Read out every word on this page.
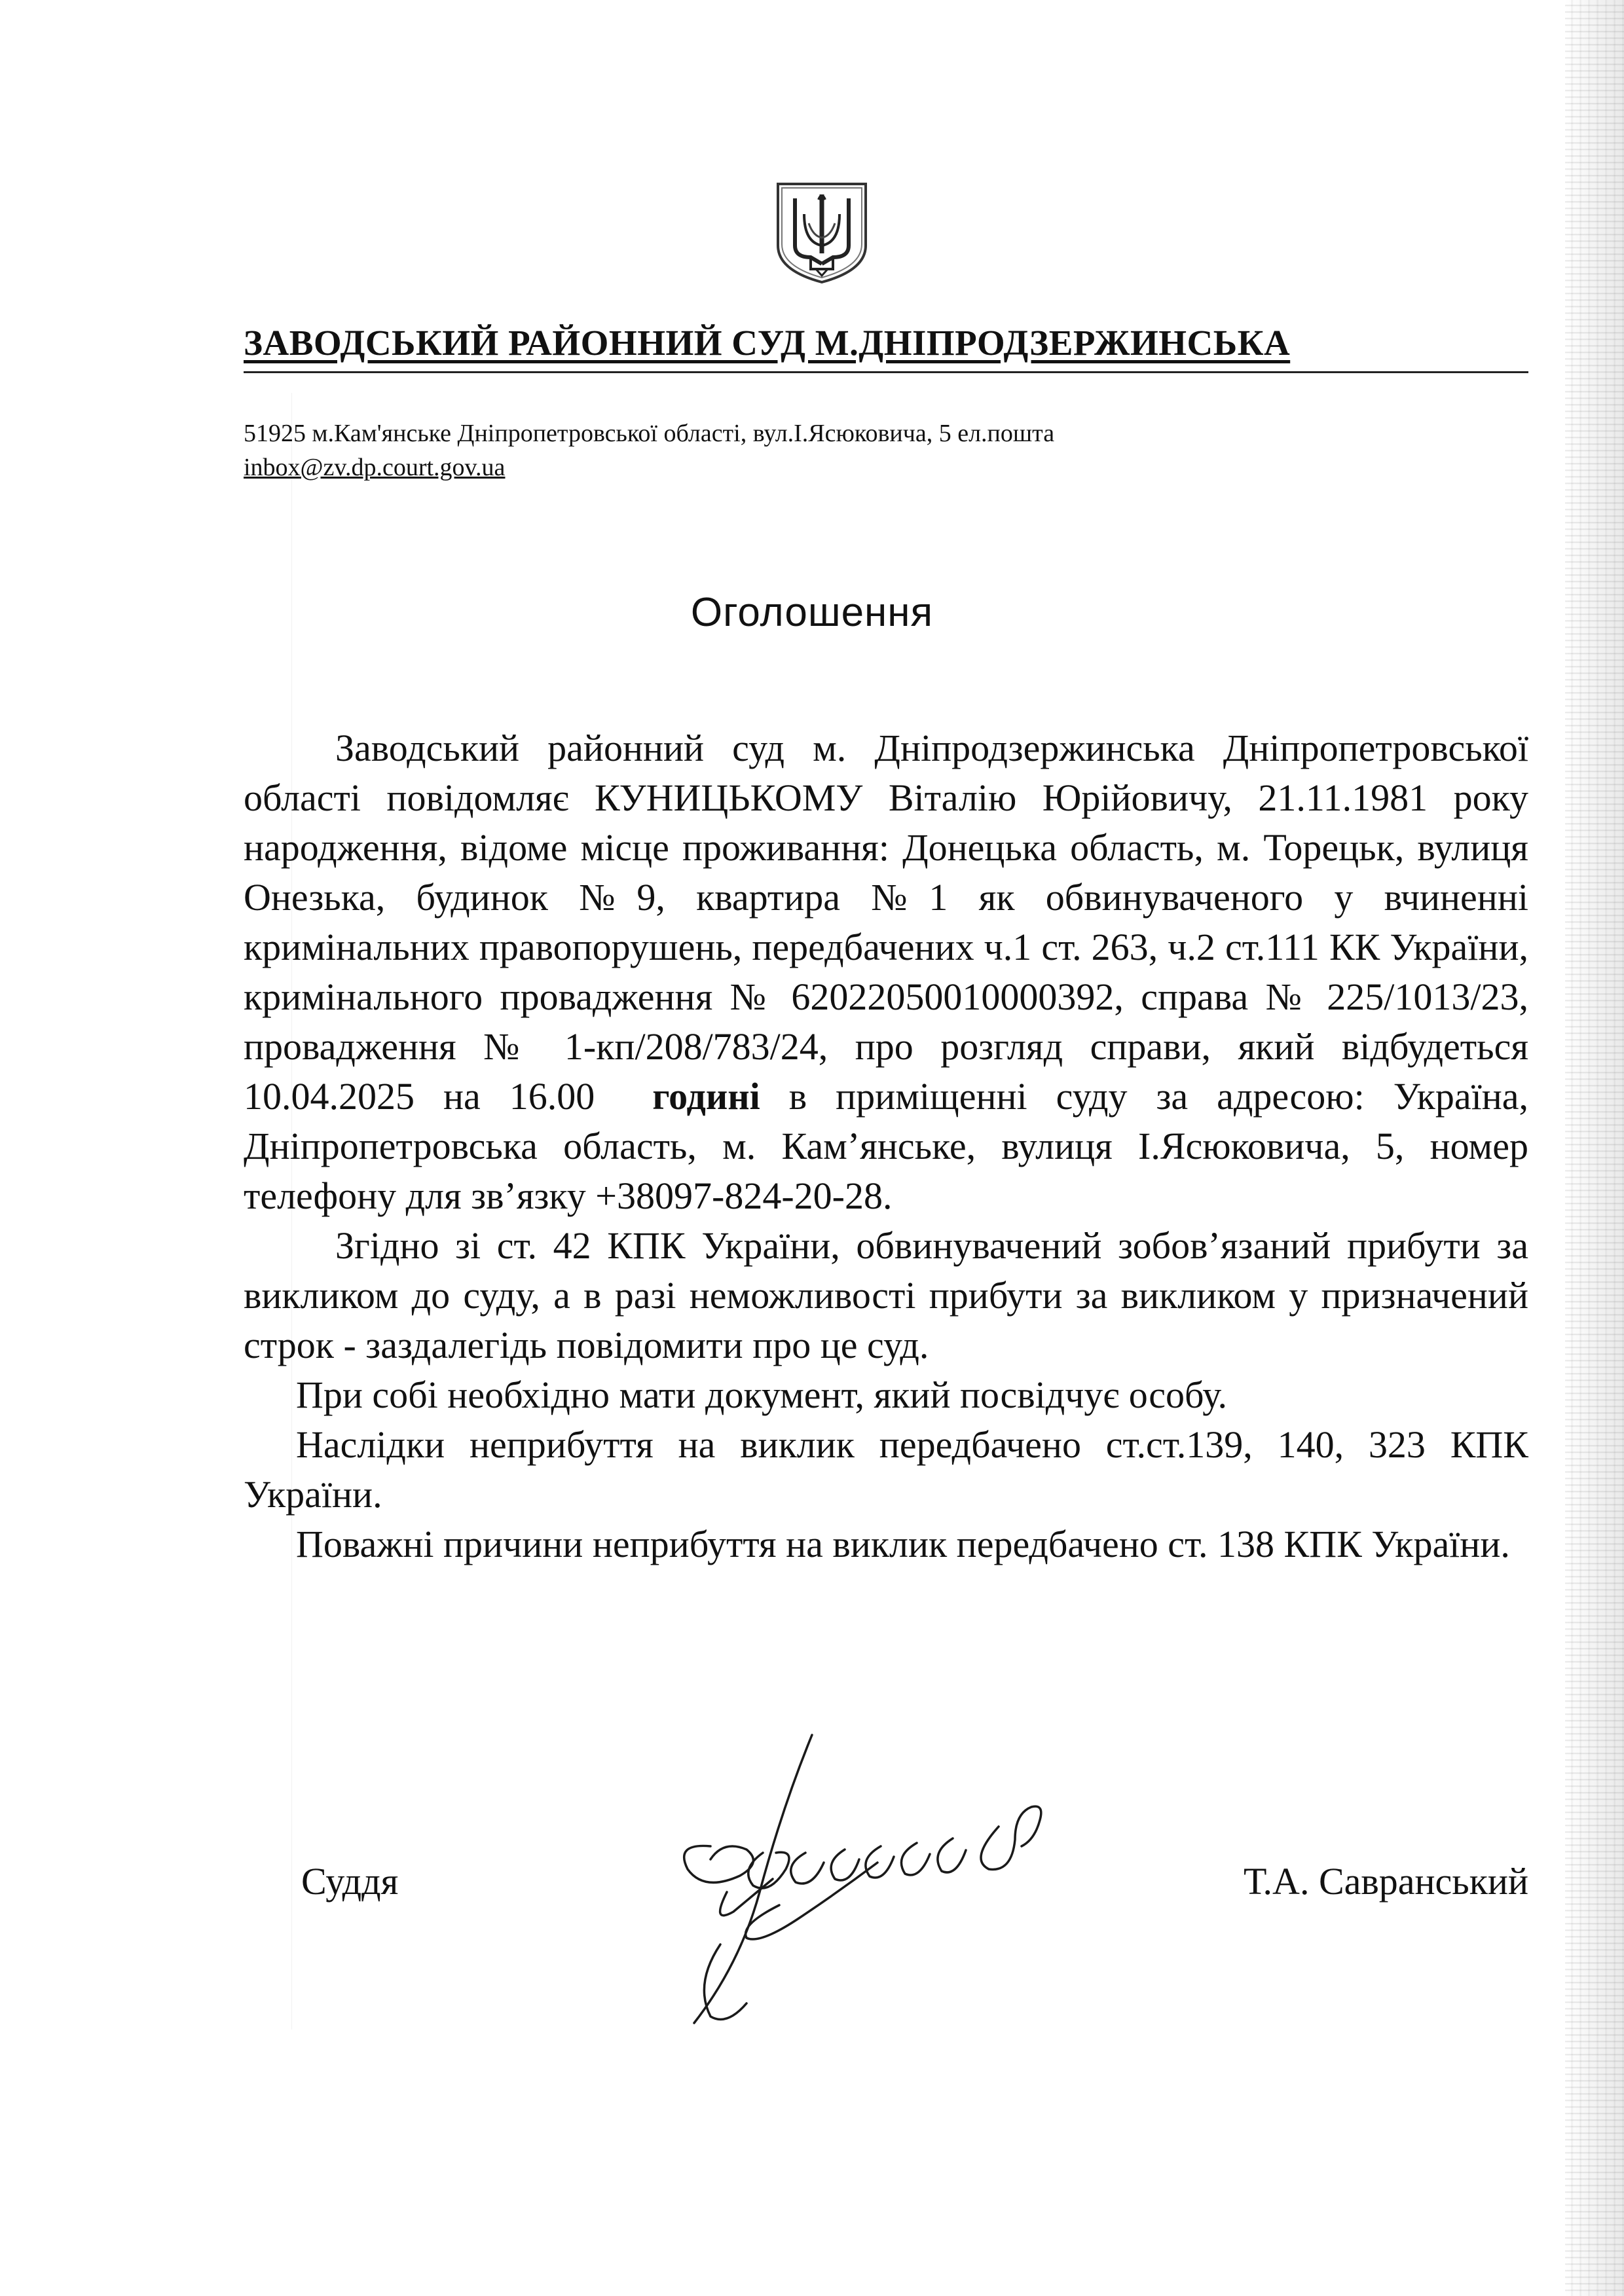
ЗАВОДСЬКИЙ РАЙОННИЙ СУД М.ДНІПРОДЗЕРЖИНСЬКА
51925 м.Кам'янське Дніпропетровської області, вул.І.Ясюковича, 5 ел.пошта
inbox@zv.dp.court.gov.ua
Оголошення

Заводський районний суд м. Дніпродзержинська Дніпропетровської області повідомляє КУНИЦЬКОМУ Віталію Юрійовичу, 21.11.1981 року народження, відоме місце проживання: Донецька область, м. Торецьк, вулиця Онезька, будинок №9, квартира №1 як обвинуваченого у вчиненні кримінальних правопорушень, передбачених ч.1 ст. 263, ч.2 ст.111 КК України, кримінального провадження № 62022050010000392, справа № 225/1013/23, провадження № 1-кп/208/783/24, про розгляд справи, який відбудеться 10.04.2025 на 16.00 годині в приміщенні суду за адресою: Україна, Дніпропетровська область, м. Кам’янське, вулиця І.Ясюковича, 5, номер телефону для зв’язку +38097-824-20-28.

Згідно зі ст. 42 КПК України, обвинувачений зобов’язаний прибути за викликом до суду, а в разі неможливості прибути за викликом у призначений строк - заздалегідь повідомити про це суд.

При собі необхідно мати документ, який посвідчує особу.

Наслідки неприбуття на виклик передбачено ст.ст.139, 140, 323 КПК України.

Поважні причини неприбуття на виклик передбачено ст. 138 КПК України.

Суддя	Т.А. Савранський
